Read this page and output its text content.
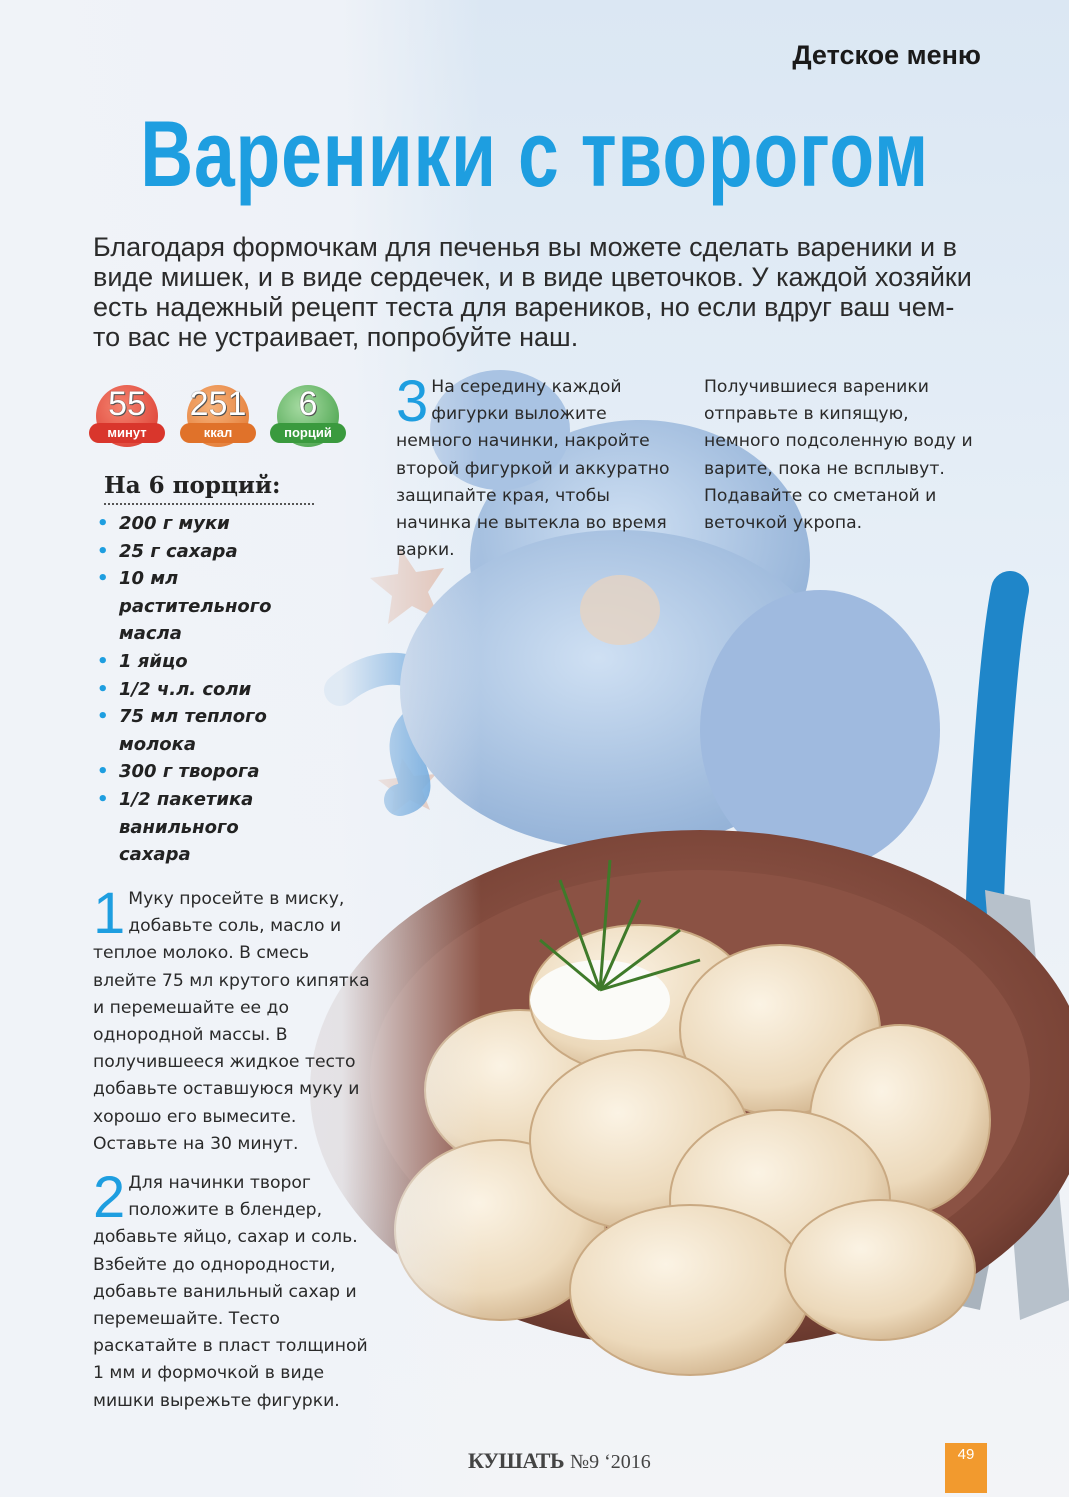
Детское меню
Вареники с творогом
Благодаря формочкам для печенья вы можете сделать вареники и в виде мишек, и в виде сердечек, и в виде цветочков. У каждой хозяйки есть надежный рецепт теста для вареников, но если вдруг ваш чем-то вас не устраивает, попробуйте наш.
55
минут
251
ккал
6
порций
На 6 порций:
• 200 г муки
• 25 г сахара
• 10 мл растительного масла
• 1 яйцо
• 1/2 ч.л. соли
• 75 мл теплого молока
• 300 г творога
• 1/2 пакетика ванильного сахара
1 Муку просейте в миску, добавьте соль, масло и теплое молоко. В смесь влейте 75 мл крутого кипятка и перемешайте ее до однородной массы. В получившееся жидкое тесто добавьте оставшуюся муку и хорошо его вымесите. Оставьте на 30 минут.
2 Для начинки творог положите в блендер, добавьте яйцо, сахар и соль. Взбейте до однородности, добавьте ванильный сахар и перемешайте. Тесто раскатайте в пласт толщиной 1 мм и формочкой в виде мишки вырежьте фигурки.
3 На середину каждой фигурки выложите немного начинки, накройте второй фигуркой и аккуратно защипайте края, чтобы начинка не вытекла во время варки.
Получившиеся вареники отправьте в кипящую, немного подсоленную воду и варите, пока не всплывут. Подавайте со сметаной и веточкой укропа.
КУШАТЬ №9 ‘2016	49
